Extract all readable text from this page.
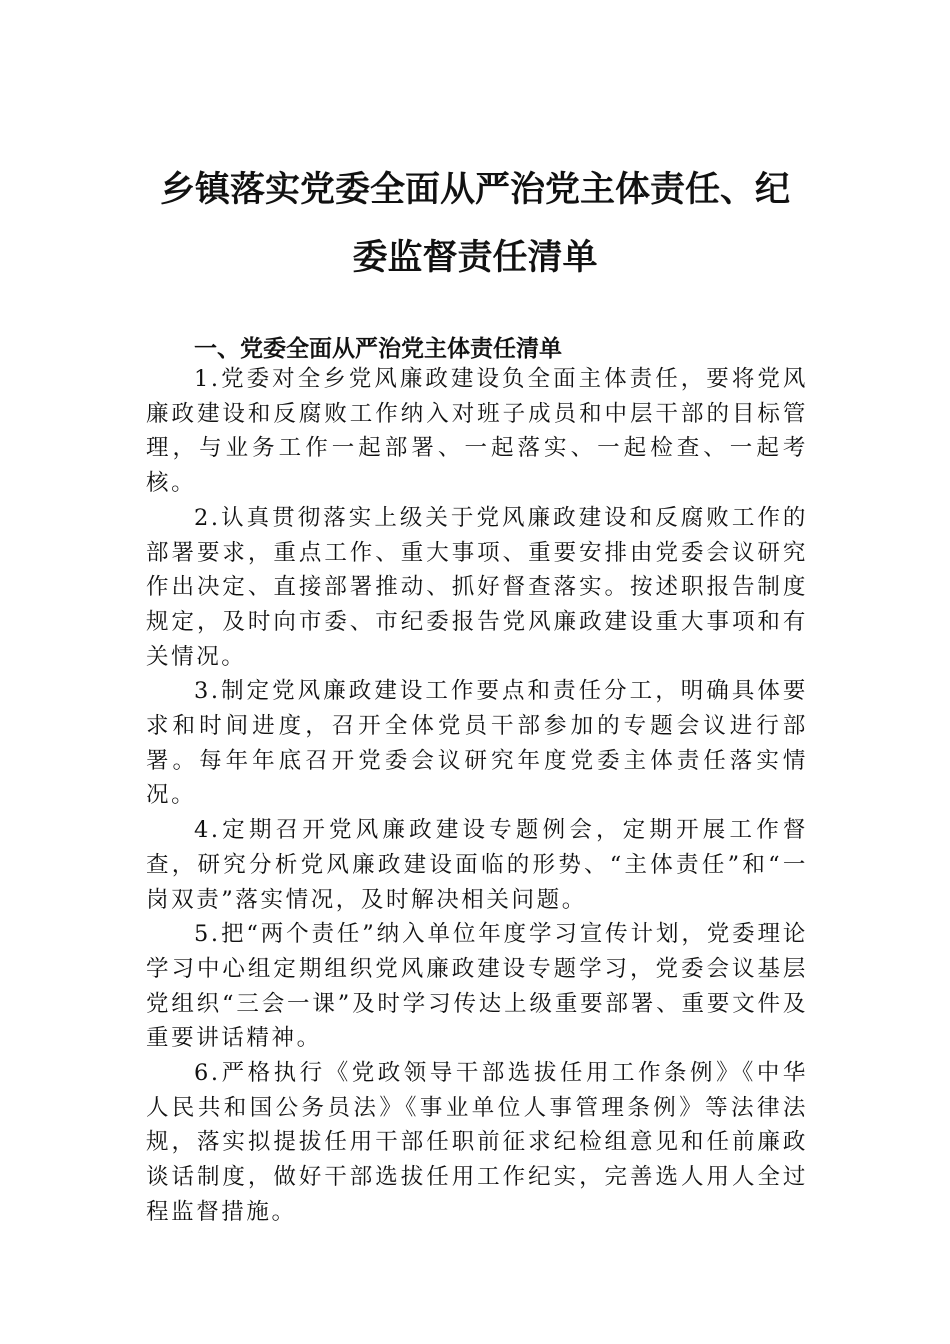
乡镇落实党委全面从严治党主体责任、纪
委监督责任清单
一、党委全面从严治党主体责任清单

1.党委对全乡党风廉政建设负全面主体责任，要将党风廉政建设和反腐败工作纳入对班子成员和中层干部的目标管理，与业务工作一起部署、一起落实、一起检查、一起考核。

2.认真贯彻落实上级关于党风廉政建设和反腐败工作的部署要求，重点工作、重大事项、重要安排由党委会议研究作出决定、直接部署推动、抓好督查落实。按述职报告制度规定，及时向市委、市纪委报告党风廉政建设重大事项和有关情况。

3.制定党风廉政建设工作要点和责任分工，明确具体要求和时间进度，召开全体党员干部参加的专题会议进行部署。每年年底召开党委会议研究年度党委主体责任落实情况。

4.定期召开党风廉政建设专题例会，定期开展工作督查，研究分析党风廉政建设面临的形势、“主体责任”和“一岗双责”落实情况，及时解决相关问题。

5.把“两个责任”纳入单位年度学习宣传计划，党委理论学习中心组定期组织党风廉政建设专题学习，党委会议基层党组织“三会一课”及时学习传达上级重要部署、重要文件及重要讲话精神。

6.严格执行《党政领导干部选拔任用工作条例》《中华人民共和国公务员法》《事业单位人事管理条例》等法律法规，落实拟提拔任用干部任职前征求纪检组意见和任前廉政谈话制度，做好干部选拔任用工作纪实，完善选人用人全过程监督措施。
